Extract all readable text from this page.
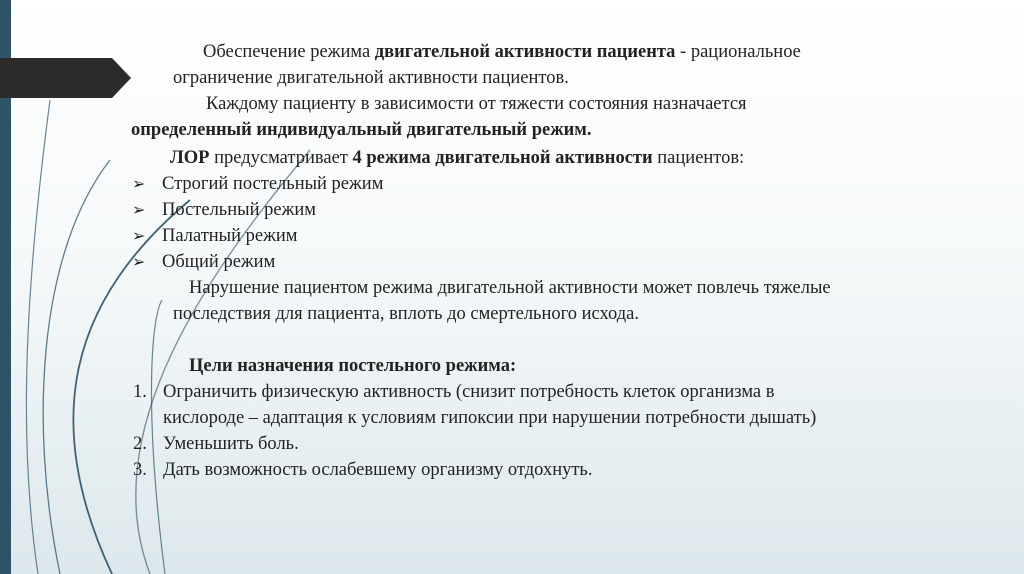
Обеспечение режима двигательной активности пациента - рациональное

ограничение двигательной активности пациентов.

Каждому пациенту в зависимости от тяжести состояния назначается

определенный индивидуальный двигательный режим.

ЛОР предусматривает 4 режима двигательной активности пациентов:

➢ Строгий постельный режим

➢ Постельный режим

➢ Палатный режим

➢ Общий режим

Нарушение пациентом режима двигательной активности может повлечь тяжелые

последствия для пациента, вплоть до смертельного исхода.

Цели назначения постельного режима:

1. Ограничить физическую активность (снизит потребность клеток организма в

кислороде – адаптация к условиям гипоксии при нарушении потребности дышать)

2. Уменьшить боль.

3. Дать возможность ослабевшему организму отдохнуть.
